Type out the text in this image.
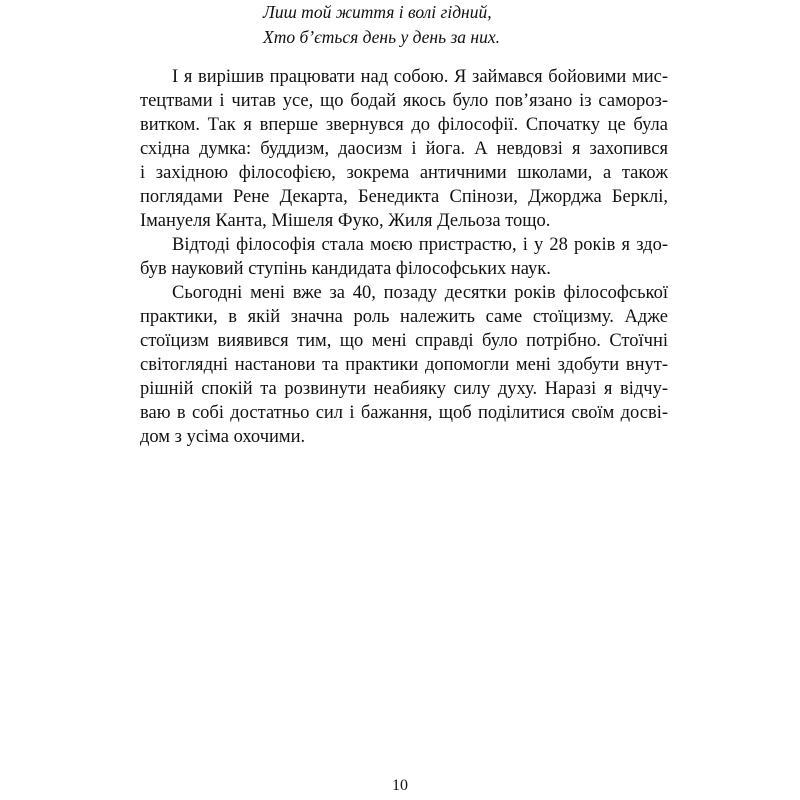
Лиш той життя і волі гідний,
Хто б’ється день у день за них.
І я вирішив працювати над собою. Я займався бойовими мис-
тецтвами і читав усе, що бодай якось було пов’язано із саморoз-
витком. Так я вперше звернувся до філософії. Спочатку це була
східна думка: буддизм, даосизм і йога. А невдовзі я захопився
і західною філософією, зокрема античними школами, а також
поглядами Рене Декарта, Бенедикта Спінози, Джорджа Берклі,
Імануеля Канта, Мішеля Фуко, Жиля Дельоза тощо.
Відтоді філософія стала моєю пристрастю, і у 28 років я здо-
був науковий ступінь кандидата філософських наук.
Сьогодні мені вже за 40, позаду десятки років філософської
практики, в якій значна роль належить саме стоїцизму. Адже
стоїцизм виявився тим, що мені справді було потрібно. Стоїчні
світоглядні настанови та практики допомогли мені здобути внут-
рішній спокій та розвинути неабияку силу духу. Наразі я відчу-
ваю в собі достатньо сил і бажання, щоб поділитися своїм досві-
дом з усіма охочими.
10
